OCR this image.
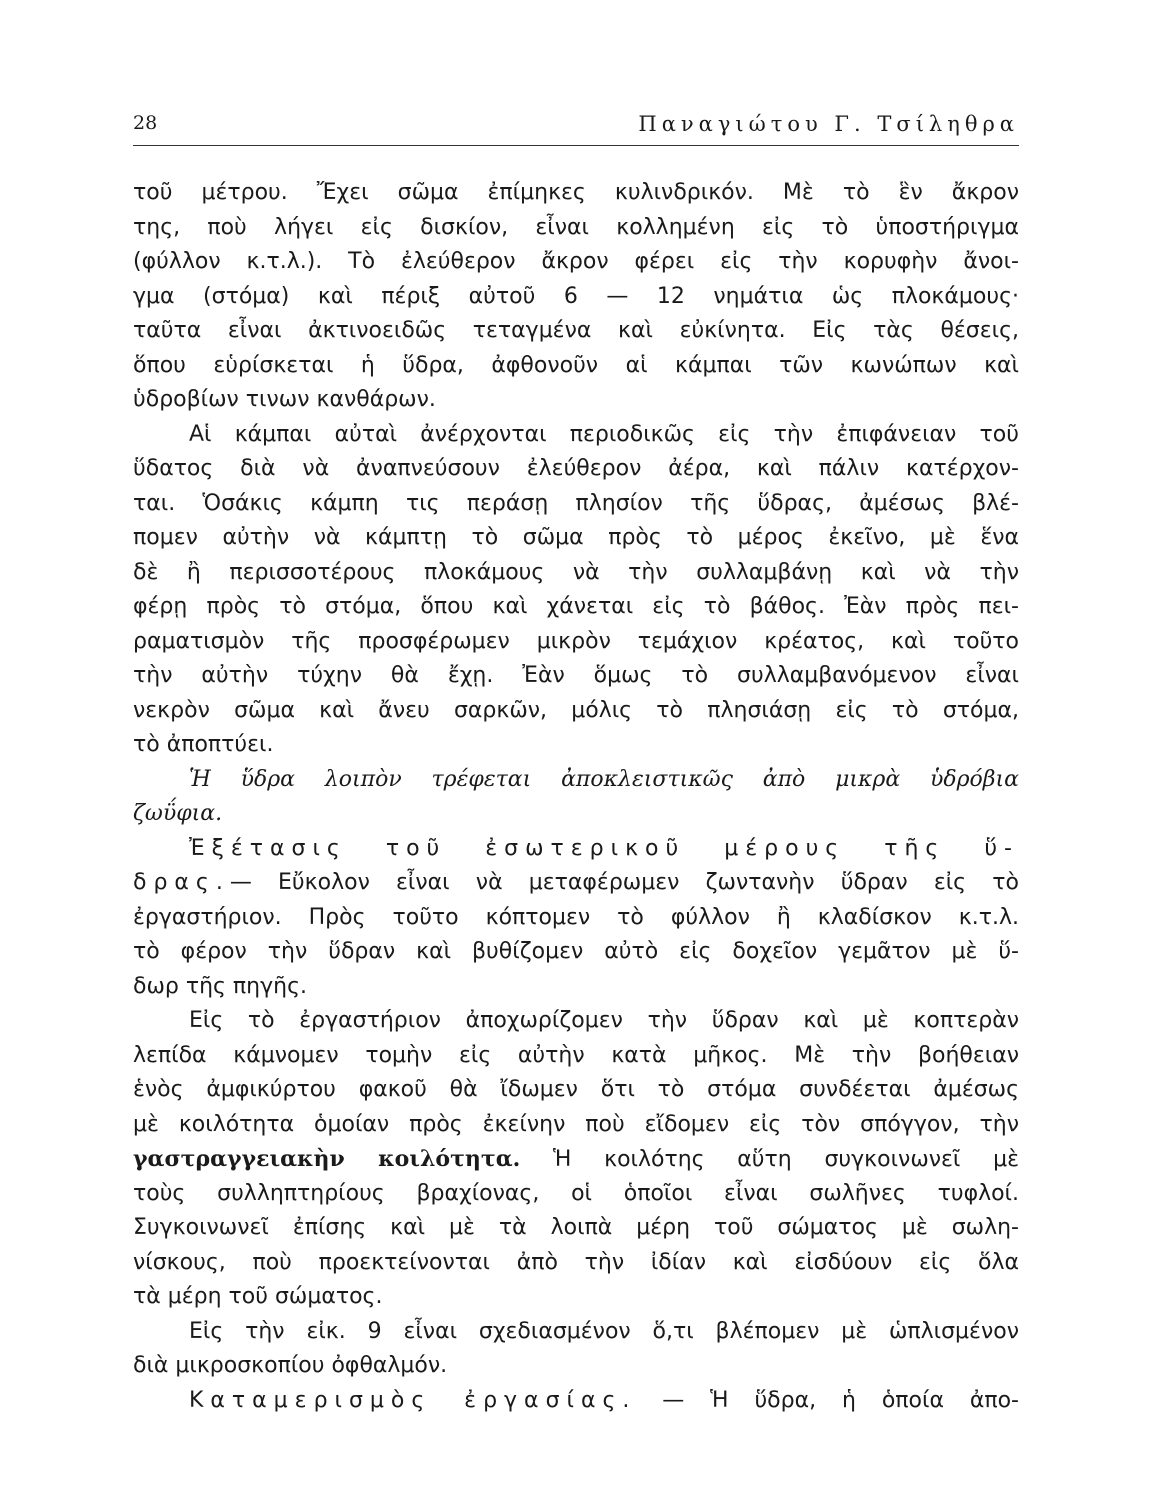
28	Παναγιώτου Γ. Τσίληθρα
τοῦ μέτρου. Ἔχει σῶμα ἐπίμηκες κυλινδρικόν. Μὲ τὸ ἓν ἄκρον
της, ποὺ λήγει εἰς δισκίον, εἶναι κολλημένη εἰς τὸ ὑποστήριγμα
(φύλλον κ.τ.λ.). Τὸ ἐλεύθερον ἄκρον φέρει εἰς τὴν κορυφὴν ἄνοι-
γμα (στόμα) καὶ πέριξ αὐτοῦ 6 — 12 νημάτια ὡς πλοκάμους·
ταῦτα εἶναι ἀκτινοειδῶς τεταγμένα καὶ εὐκίνητα. Εἰς τὰς θέσεις,
ὅπου εὑρίσκεται ἡ ὕδρα, ἀφθονοῦν αἱ κάμπαι τῶν κωνώπων καὶ
ὑδροβίων τινων κανθάρων.
Αἱ κάμπαι αὐταὶ ἀνέρχονται περιοδικῶς εἰς τὴν ἐπιφάνειαν τοῦ
ὕδατος διὰ νὰ ἀναπνεύσουν ἐλεύθερον ἀέρα, καὶ πάλιν κατέρχον-
ται. Ὁσάκις κάμπη τις περάσῃ πλησίον τῆς ὕδρας, ἀμέσως βλέ-
πομεν αὐτὴν νὰ κάμπτῃ τὸ σῶμα πρὸς τὸ μέρος ἐκεῖνο, μὲ ἕνα
δὲ ἢ περισσοτέρους πλοκάμους νὰ τὴν συλλαμβάνῃ καὶ νὰ τὴν
φέρῃ πρὸς τὸ στόμα, ὅπου καὶ χάνεται εἰς τὸ βάθος. Ἐὰν πρὸς πει-
ραματισμὸν τῆς προσφέρωμεν μικρὸν τεμάχιον κρέατος, καὶ τοῦτο
τὴν αὐτὴν τύχην θὰ ἔχῃ. Ἐὰν ὅμως τὸ συλλαμβανόμενον εἶναι
νεκρὸν σῶμα καὶ ἄνευ σαρκῶν, μόλις τὸ πλησιάσῃ εἰς τὸ στόμα,
τὸ ἀποπτύει.
Ἡ ὕδρα λοιπὸν τρέφεται ἀποκλειστικῶς ἀπὸ μικρὰ ὑδρόβια
ζωΰφια.
Ἐξέτασις τοῦ ἐσωτερικοῦ μέρους τῆς ὕ-
δρας.— Εὔκολον εἶναι νὰ μεταφέρωμεν ζωντανὴν ὕδραν εἰς τὸ
ἐργαστήριον. Πρὸς τοῦτο κόπτομεν τὸ φύλλον ἢ κλαδίσκον κ.τ.λ.
τὸ φέρον τὴν ὕδραν καὶ βυθίζομεν αὐτὸ εἰς δοχεῖον γεμᾶτον μὲ ὕ-
δωρ τῆς πηγῆς.
Εἰς τὸ ἐργαστήριον ἀποχωρίζομεν τὴν ὕδραν καὶ μὲ κοπτερὰν
λεπίδα κάμνομεν τομὴν εἰς αὐτὴν κατὰ μῆκος. Μὲ τὴν βοήθειαν
ἑνὸς ἀμφικύρτου φακοῦ θὰ ἴδωμεν ὅτι τὸ στόμα συνδέεται ἀμέσως
μὲ κοιλότητα ὁμοίαν πρὸς ἐκείνην ποὺ εἴδομεν εἰς τὸν σπόγγον, τὴν
γαστραγγειακὴν κοιλότητα. Ἡ κοιλότης αὕτη συγκοινωνεῖ μὲ
τοὺς συλληπτηρίους βραχίονας, οἱ ὁποῖοι εἶναι σωλῆνες τυφλοί.
Συγκοινωνεῖ ἐπίσης καὶ μὲ τὰ λοιπὰ μέρη τοῦ σώματος μὲ σωλη-
νίσκους, ποὺ προεκτείνονται ἀπὸ τὴν ἰδίαν καὶ εἰσδύουν εἰς ὅλα
τὰ μέρη τοῦ σώματος.
Εἰς τὴν εἰκ. 9 εἶναι σχεδιασμένον ὅ,τι βλέπομεν μὲ ὡπλισμένον
διὰ μικροσκοπίου ὀφθαλμόν.
Καταμερισμὸς ἐργασίας. — Ἡ ὕδρα, ἡ ὁποία ἀπο-
